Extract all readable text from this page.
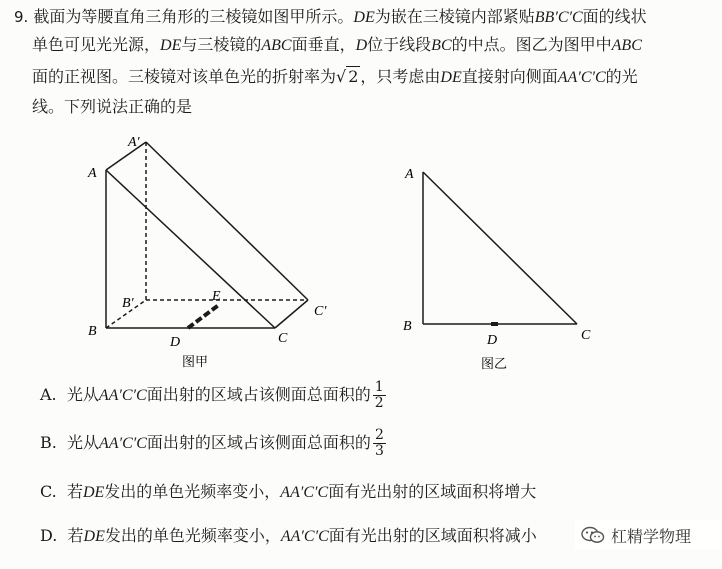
9. 截面为等腰直角三角形的三棱镜如图甲所示。DE为嵌在三棱镜内部紧贴BB′C′C面的线状
单色可见光光源，DE与三棱镜的ABC面垂直，D位于线段BC的中点。图乙为图甲中ABC
面的正视图。三棱镜对该单色光的折射率为√ 2 ，只考虑由DE直接射向侧面AA′C′C的光
线。下列说法正确的是
A
A′
B
B′
C
C′
D
E
图甲
A
B
C
D
图乙
A. 光从AA′C′C面出射的区域占该侧面总面积的 $\frac{1}{2}$
B. 光从AA′C′C面出射的区域占该侧面总面积的 $\frac{2}{3}$
C. 若DE发出的单色光频率变小，AA′C′C面有光出射的区域面积将增大
D. 若DE发出的单色光频率变小，AA′C′C面有光出射的区域面积将减小	杠精学物理
